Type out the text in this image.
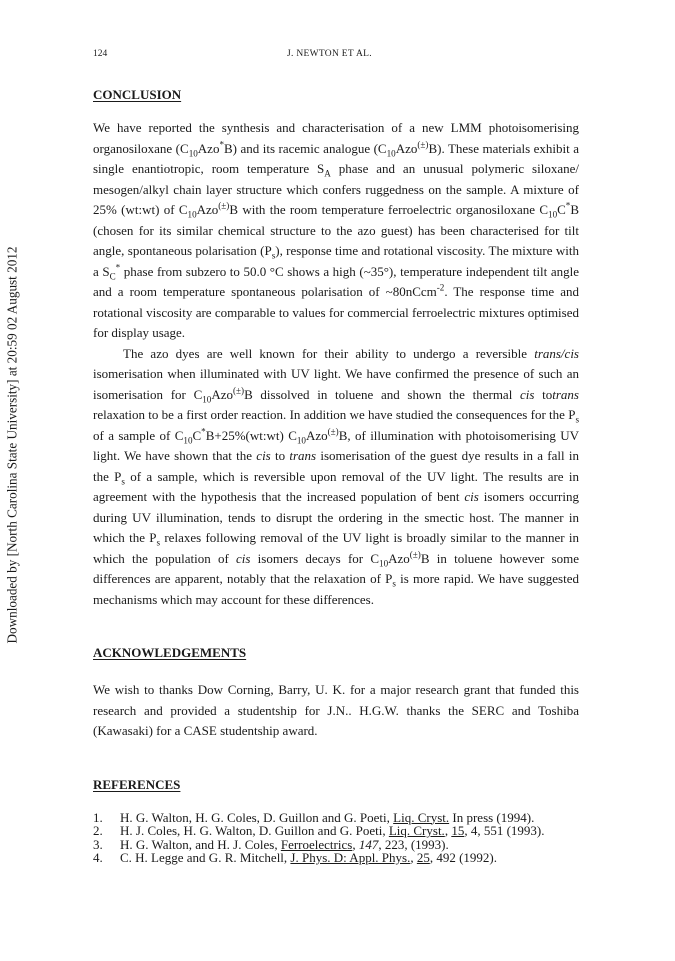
Downloaded by [North Carolina State University] at 20:59 02 August 2012
124	J. NEWTON ET AL.
CONCLUSION

We have reported the synthesis and characterisation of a new LMM photoisomerising organosiloxane $(C_{10}Azo^*B)$ and its racemic analogue $(C_{10}Azo^{(\pm)}B)$. These materials exhibit a single enantiotropic, room temperature $S_A$ phase and an unusual polymeric siloxane/ mesogen/alkyl chain layer structure which confers ruggedness on the sample. A mixture of 25% (wt:wt) of $C_{10}Azo^{(\pm)}B$ with the room temperature ferroelectric organosiloxane $C_{10}C^*B$ (chosen for its similar chemical structure to the azo guest) has been characterised for tilt angle, spontaneous polarisation $(P_s)$, response time and rotational viscosity. The mixture with a $S_C^*$ phase from subzero to 50.0 °C shows a high (~35°), temperature independent tilt angle and a room temperature spontaneous polarisation of ~80nCcm$^{-2}$. The response time and rotational viscosity are comparable to values for commercial ferroelectric mixtures optimised for display usage.

The azo dyes are well known for their ability to undergo a reversible trans/cis isomerisation when illuminated with UV light. We have confirmed the presence of such an isomerisation for $C_{10}Azo^{(\pm)}B$ dissolved in toluene and shown the thermal cis totrans relaxation to be a first order reaction. In addition we have studied the consequences for the $P_s$ of a sample of $C_{10}C^*B+25\%(wt:wt)$ $C_{10}Azo^{(\pm)}B$, of illumination with photoisomerising UV light. We have shown that the cis to trans isomerisation of the guest dye results in a fall in the $P_s$ of a sample, which is reversible upon removal of the UV light. The results are in agreement with the hypothesis that the increased population of bent cis isomers occurring during UV illumination, tends to disrupt the ordering in the smectic host. The manner in which the $P_s$ relaxes following removal of the UV light is broadly similar to the manner in which the population of cis isomers decays for $C_{10}Azo^{(\pm)}B$ in toluene however some differences are apparent, notably that the relaxation of $P_s$ is more rapid. We have suggested mechanisms which may account for these differences.

ACKNOWLEDGEMENTS

We wish to thanks Dow Corning, Barry, U. K. for a major research grant that funded this research and provided a studentship for J.N.. H.G.W. thanks the SERC and Toshiba (Kawasaki) for a CASE studentship award.

REFERENCES
1.	H. G. Walton, H. G. Coles, D. Guillon and G. Poeti, Liq. Cryst. In press (1994).
2.	H. J. Coles, H. G. Walton, D. Guillon and G. Poeti, Liq. Cryst., 15, 4, 551 (1993).
3.	H. G. Walton, and H. J. Coles, Ferroelectrics, 147, 223, (1993).
4.	C. H. Legge and G. R. Mitchell, J. Phys. D: Appl. Phys., 25, 492 (1992).
